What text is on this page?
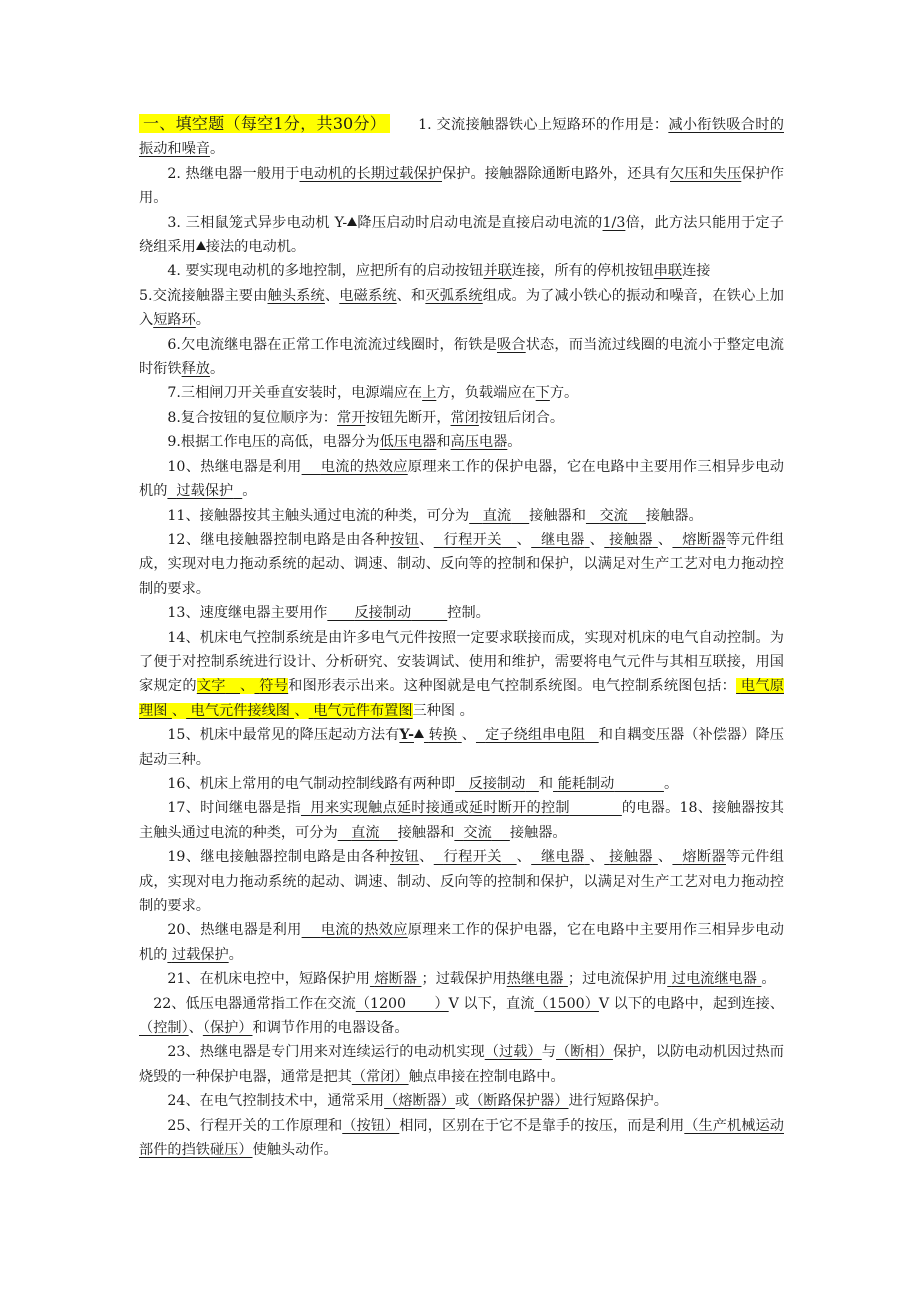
一、填空题（每空1分，共30分） 1. 交流接触器铁心上短路环的作用是：减小衔铁吸合时的振动和噪音。

2. 热继电器一般用于电动机的长期过载保护保护。接触器除通断电路外，还具有欠压和失压保护作用。

3. 三相鼠笼式异步电动机 Y- 降压启动时启动电流是直接启动电流的1/3倍，此方法只能用于定子绕组采用 接法的电动机。

4. 要实现电动机的多地控制，应把所有的启动按钮并联连接，所有的停机按钮串联连接

5.交流接触器主要由触头系统、电磁系统、和灭弧系统组成。为了减小铁心的振动和噪音，在铁心上加入短路环。

6.欠电流继电器在正常工作电流流过线圈时，衔铁是吸合状态，而当流过线圈的电流小于整定电流时衔铁释放。

7.三相闸刀开关垂直安装时，电源端应在上方，负载端应在下方。

8.复合按钮的复位顺序为：常开按钮先断开，常闭按钮后闭合。

9.根据工作电压的高低，电器分为低压电器和高压电器。

10、热继电器是利用 电流的热效应原理来工作的保护电器，它在电路中主要用作三相异步电动机的 过载保护 。

11、接触器按其主触头通过电流的种类，可分为 直流 接触器和 交流 接触器。

12、继电接触器控制电路是由各种按钮、 行程开关 、 继电器 、 接触器 、 熔断器等元件组成，实现对电力拖动系统的起动、调速、制动、反向等的控制和保护，以满足对生产工艺对电力拖动控制的要求。

13、速度继电器主要用作 反接制动	控制。

14、机床电气控制系统是由许多电气元件按照一定要求联接而成，实现对机床的电气自动控制。为了便于对控制系统进行设计、分析研究、安装调试、使用和维护，需要将电气元件与其相互联接，用国家规定的文字 、 符号和图形表示出来。这种图就是电气控制系统图。电气控制系统图包括： 电气原理图 、 电气元件接线图 、 电气元件布置图三种图 。

15、机床中最常见的降压起动方法有Y- 转换 、 定子绕组串电阻 和自耦变压器（补偿器）降压起动三种。

16、机床上常用的电气制动控制线路有两种即 反接制动 和 能耗制动	。

17、时间继电器是指 用来实现触点延时接通或延时断开的控制	的电器。18、接触器按其主触头通过电流的种类，可分为 直流 接触器和 交流 接触器。

19、继电接触器控制电路是由各种按钮、 行程开关 、 继电器 、 接触器 、 熔断器等元件组成，实现对电力拖动系统的起动、调速、制动、反向等的控制和保护，以满足对生产工艺对电力拖动控制的要求。

20、热继电器是利用 电流的热效应原理来工作的保护电器，它在电路中主要用作三相异步电动机的 过载保护。

21、在机床电控中，短路保护用 熔断器 ；过载保护用热继电器 ；过电流保护用 过电流继电器 。

22、低压电器通常指工作在交流（1200　　）V 以下，直流（1500）V 以下的电路中，起到连接、（控制）、（保护）和调节作用的电器设备。

23、热继电器是专门用来对连续运行的电动机实现（过载）与（断相）保护，以防电动机因过热而烧毁的一种保护电器，通常是把其（常闭）触点串接在控制电路中。

24、在电气控制技术中，通常采用（熔断器）或（断路保护器）进行短路保护。

25、行程开关的工作原理和（按钮）相同，区别在于它不是靠手的按压，而是利用（生产机械运动部件的挡铁碰压）使触头动作。
